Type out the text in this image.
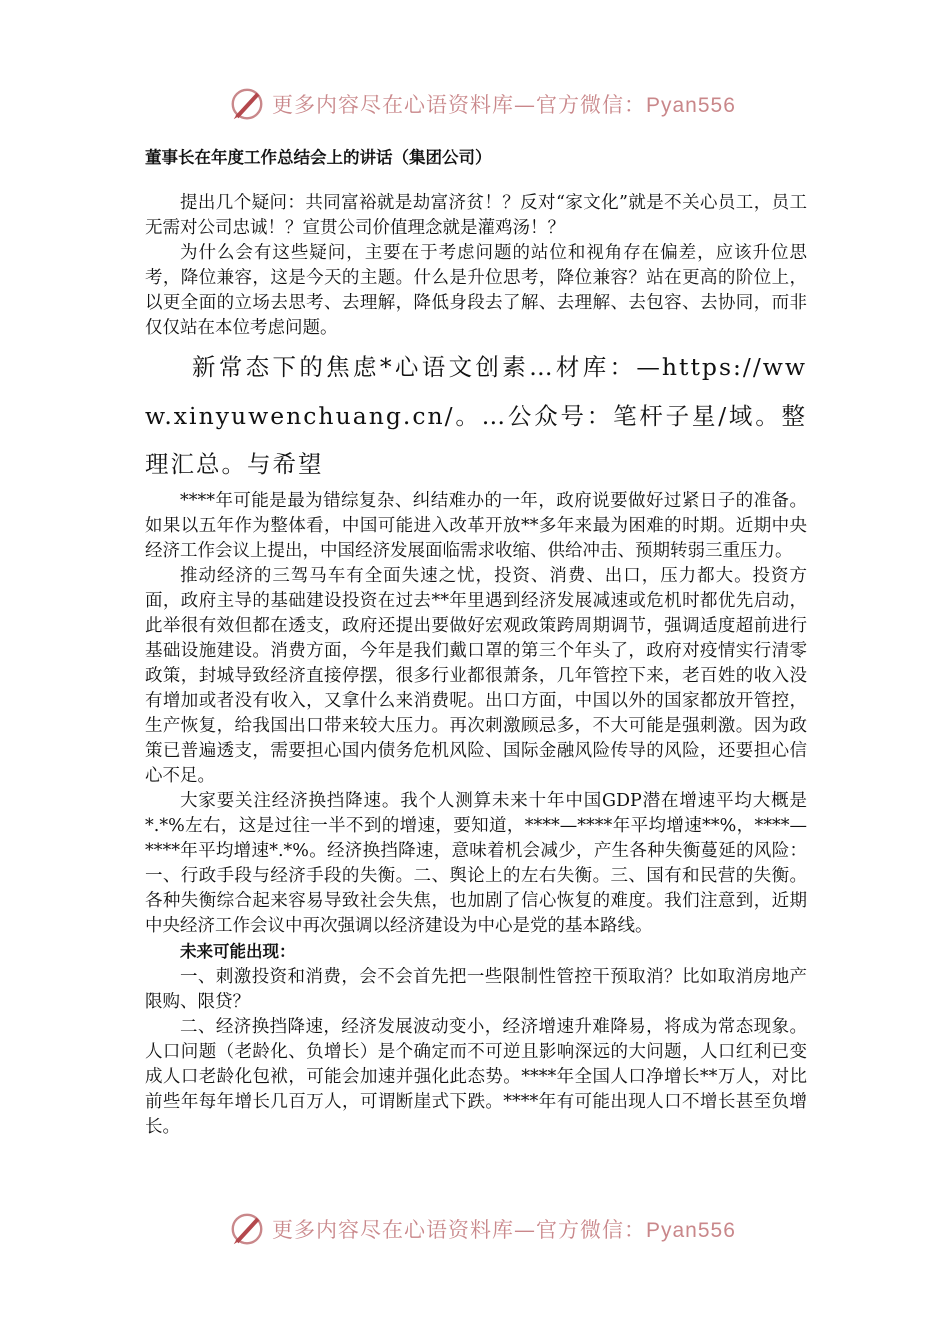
更多内容尽在心语资料库—官方微信：Pyan556
董事长在年度工作总结会上的讲话（集团公司）

提出几个疑问：共同富裕就是劫富济贫！？反对“家文化”就是不关心员工，员工无需对公司忠诚！？宣贯公司价值理念就是灌鸡汤！？

为什么会有这些疑问，主要在于考虑问题的站位和视角存在偏差，应该升位思考，降位兼容，这是今天的主题。什么是升位思考，降位兼容？站在更高的阶位上，以更全面的立场去思考、去理解，降低身段去了解、去理解、去包容、去协同，而非仅仅站在本位考虑问题。

新常态下的焦虑*心语文创素…材库：—https://www.xinyuwenchuang.cn/。…公众号：笔杆子星/域。整理汇总。与希望

****年可能是最为错综复杂、纠结难办的一年，政府说要做好过紧日子的准备。如果以五年作为整体看，中国可能进入改革开放**多年来最为困难的时期。近期中央经济工作会议上提出，中国经济发展面临需求收缩、供给冲击、预期转弱三重压力。

推动经济的三驾马车有全面失速之忧，投资、消费、出口，压力都大。投资方面，政府主导的基础建设投资在过去**年里遇到经济发展减速或危机时都优先启动，此举很有效但都在透支，政府还提出要做好宏观政策跨周期调节，强调适度超前进行基础设施建设。消费方面，今年是我们戴口罩的第三个年头了，政府对疫情实行清零政策，封城导致经济直接停摆，很多行业都很萧条，几年管控下来，老百姓的收入没有增加或者没有收入，又拿什么来消费呢。出口方面，中国以外的国家都放开管控，生产恢复，给我国出口带来较大压力。再次刺激顾忌多，不大可能是强刺激。因为政策已普遍透支，需要担心国内债务危机风险、国际金融风险传导的风险，还要担心信心不足。

大家要关注经济换挡降速。我个人测算未来十年中国GDP潜在增速平均大概是*.*%左右，这是过往一半不到的增速，要知道，****—****年平均增速**%，****—****年平均增速*.*%。经济换挡降速，意味着机会减少，产生各种失衡蔓延的风险：一、行政手段与经济手段的失衡。二、舆论上的左右失衡。三、国有和民营的失衡。各种失衡综合起来容易导致社会失焦，也加剧了信心恢复的难度。我们注意到，近期中央经济工作会议中再次强调以经济建设为中心是党的基本路线。

未来可能出现：

一、刺激投资和消费，会不会首先把一些限制性管控干预取消？比如取消房地产限购、限贷？

二、经济换挡降速，经济发展波动变小，经济增速升难降易，将成为常态现象。人口问题（老龄化、负增长）是个确定而不可逆且影响深远的大问题，人口红利已变成人口老龄化包袱，可能会加速并强化此态势。****年全国人口净增长**万人，对比前些年每年增长几百万人，可谓断崖式下跌。****年有可能出现人口不增长甚至负增长。

更多内容尽在心语资料库—官方微信：Pyan556
